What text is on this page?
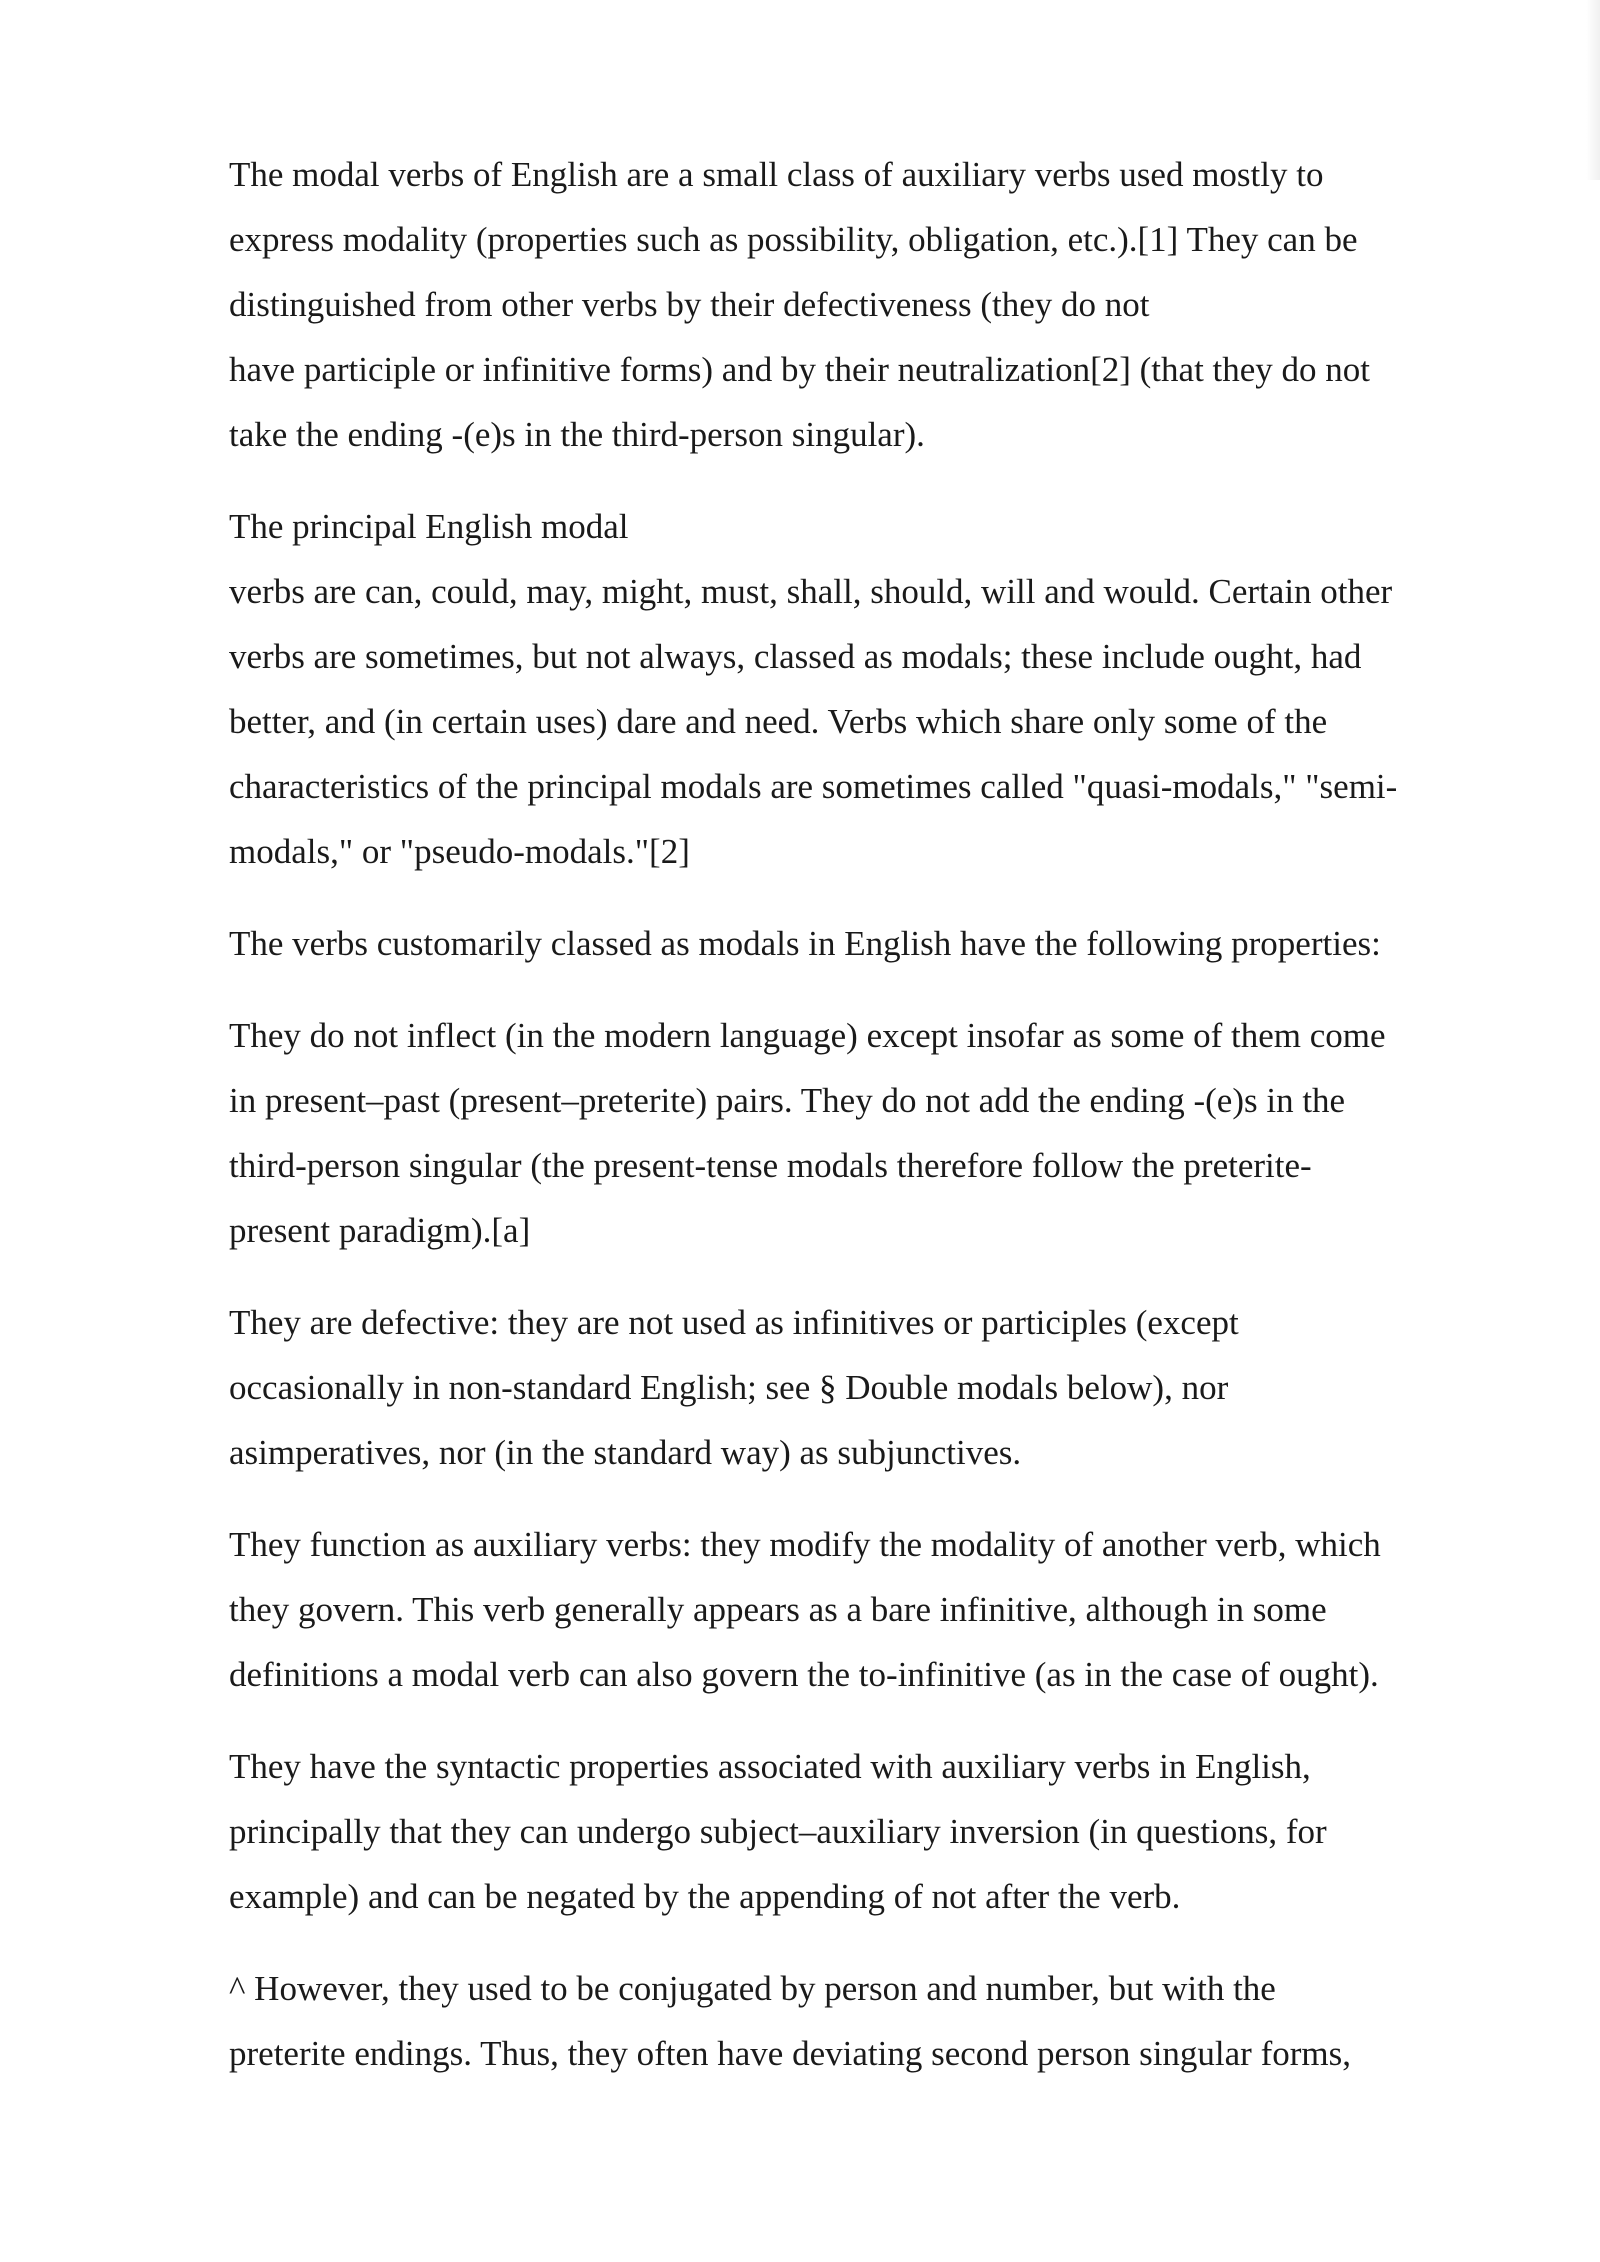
The modal verbs of English are a small class of auxiliary verbs used mostly to
express modality (properties such as possibility, obligation, etc.).[1] They can be
distinguished from other verbs by their defectiveness (they do not
have participle or infinitive forms) and by their neutralization[2] (that they do not
take the ending -(e)s in the third-person singular).

The principal English modal
verbs are can, could, may, might, must, shall, should, will and would. Certain other
verbs are sometimes, but not always, classed as modals; these include ought, had
better, and (in certain uses) dare and need. Verbs which share only some of the
characteristics of the principal modals are sometimes called "quasi-modals," "semi-
modals," or "pseudo-modals."[2]

The verbs customarily classed as modals in English have the following properties:

They do not inflect (in the modern language) except insofar as some of them come
in present–past (present–preterite) pairs. They do not add the ending -(e)s in the
third-person singular (the present-tense modals therefore follow the preterite-
present paradigm).[a]

They are defective: they are not used as infinitives or participles (except
occasionally in non-standard English; see § Double modals below), nor
asimperatives, nor (in the standard way) as subjunctives.

They function as auxiliary verbs: they modify the modality of another verb, which
they govern. This verb generally appears as a bare infinitive, although in some
definitions a modal verb can also govern the to-infinitive (as in the case of ought).

They have the syntactic properties associated with auxiliary verbs in English,
principally that they can undergo subject–auxiliary inversion (in questions, for
example) and can be negated by the appending of not after the verb.

^ However, they used to be conjugated by person and number, but with the
preterite endings. Thus, they often have deviating second person singular forms,
